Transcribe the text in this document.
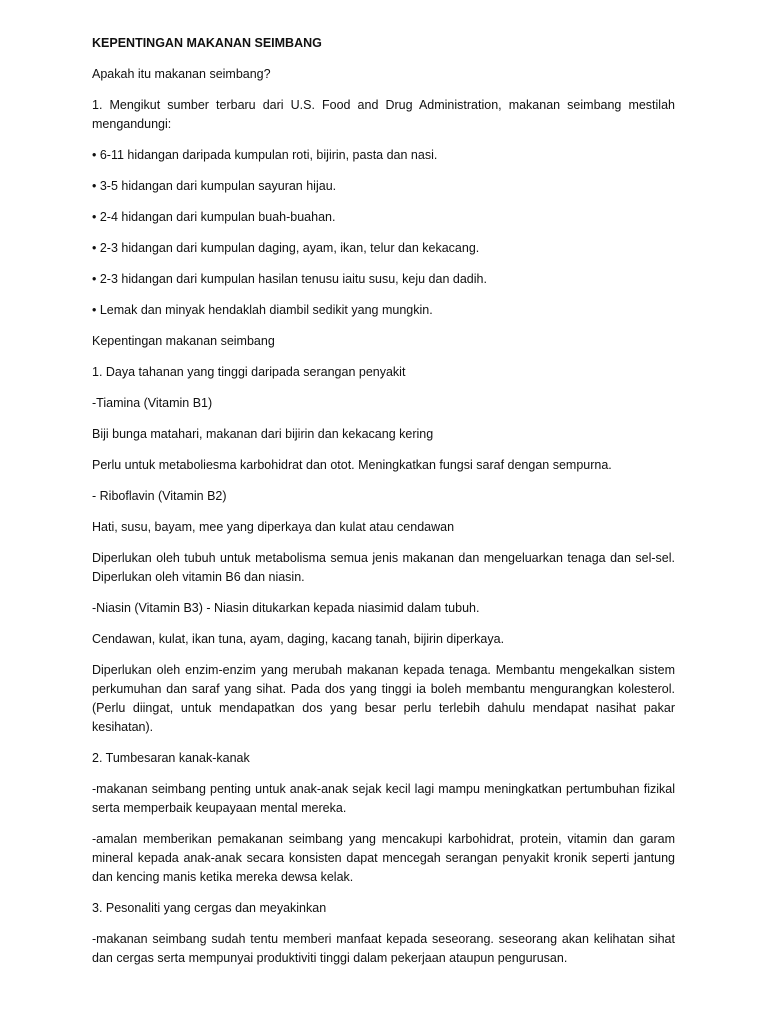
KEPENTINGAN MAKANAN SEIMBANG
Apakah itu makanan seimbang?
1. Mengikut sumber terbaru dari U.S. Food and Drug Administration, makanan seimbang mestilah mengandungi:
• 6-11 hidangan daripada kumpulan roti, bijirin, pasta dan nasi.
• 3-5 hidangan dari kumpulan sayuran hijau.
• 2-4 hidangan dari kumpulan buah-buahan.
• 2-3 hidangan dari kumpulan daging, ayam, ikan, telur dan kekacang.
• 2-3 hidangan dari kumpulan hasilan tenusu iaitu susu, keju dan dadih.
• Lemak dan minyak hendaklah diambil sedikit yang mungkin.
Kepentingan makanan seimbang
1. Daya tahanan yang tinggi daripada serangan penyakit
-Tiamina (Vitamin B1)
Biji bunga matahari, makanan dari bijirin dan kekacang kering
Perlu untuk metaboliesma karbohidrat dan otot. Meningkatkan fungsi saraf dengan sempurna.
- Riboflavin (Vitamin B2)
Hati, susu, bayam, mee yang diperkaya dan kulat atau cendawan
Diperlukan oleh tubuh untuk metabolisma semua jenis makanan dan mengeluarkan tenaga dan sel-sel. Diperlukan oleh vitamin B6 dan niasin.
-Niasin (Vitamin B3) - Niasin ditukarkan kepada niasimid dalam tubuh.
Cendawan, kulat, ikan tuna, ayam, daging, kacang tanah, bijirin diperkaya.
Diperlukan oleh enzim-enzim yang merubah makanan kepada tenaga. Membantu mengekalkan sistem perkumuhan dan saraf yang sihat. Pada dos yang tinggi ia boleh membantu mengurangkan kolesterol. (Perlu diingat, untuk mendapatkan dos yang besar perlu terlebih dahulu mendapat nasihat pakar kesihatan).
2. Tumbesaran kanak-kanak
-makanan seimbang penting untuk anak-anak sejak kecil lagi mampu meningkatkan pertumbuhan fizikal serta memperbaik keupayaan mental mereka.
-amalan memberikan pemakanan seimbang yang mencakupi karbohidrat, protein, vitamin dan garam mineral kepada anak-anak secara konsisten dapat mencegah serangan penyakit kronik seperti jantung dan kencing manis ketika mereka dewsa kelak.
3. Pesonaliti yang cergas dan meyakinkan
-makanan seimbang sudah tentu memberi manfaat kepada seseorang. seseorang akan kelihatan sihat dan cergas serta mempunyai produktiviti tinggi dalam pekerjaan ataupun pengurusan.
